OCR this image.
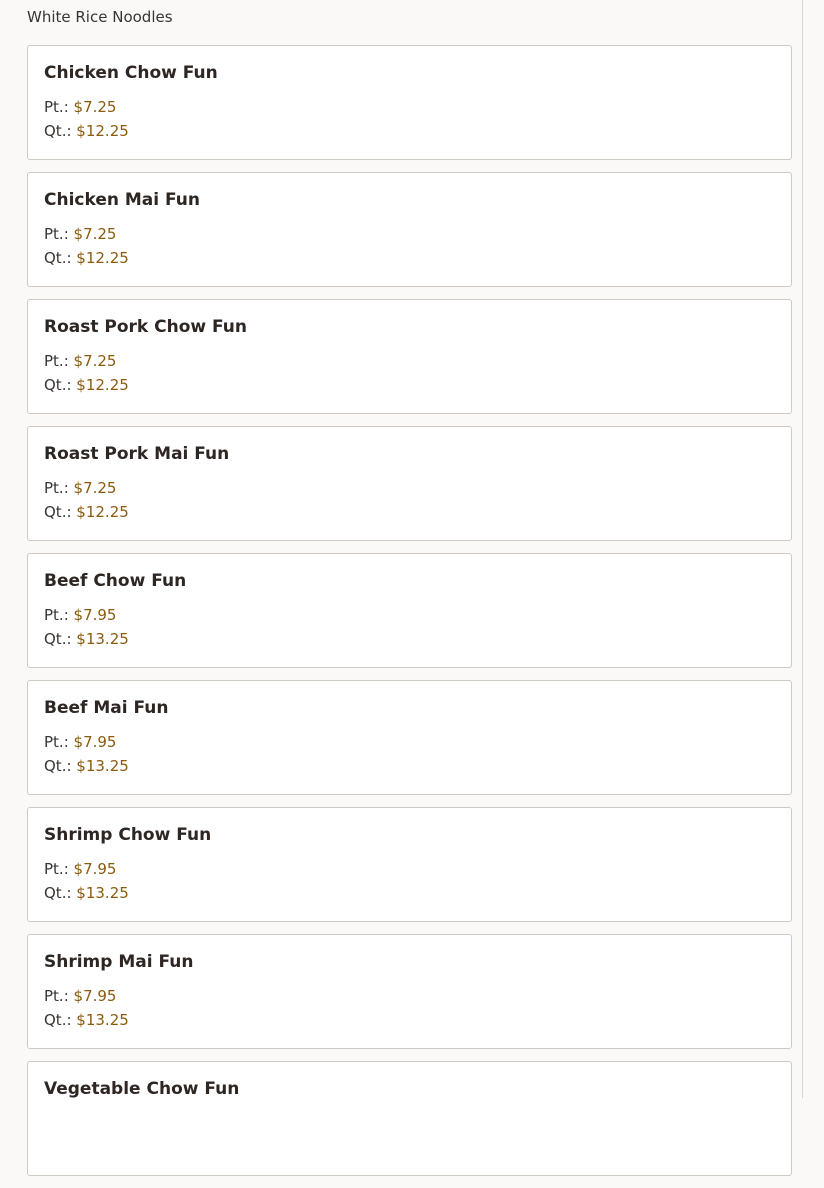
White Rice Noodles
Chicken Chow Fun
Pt.: $7.25
Qt.: $12.25
Chicken Mai Fun
Pt.: $7.25
Qt.: $12.25
Roast Pork Chow Fun
Pt.: $7.25
Qt.: $12.25
Roast Pork Mai Fun
Pt.: $7.25
Qt.: $12.25
Beef Chow Fun
Pt.: $7.95
Qt.: $13.25
Beef Mai Fun
Pt.: $7.95
Qt.: $13.25
Shrimp Chow Fun
Pt.: $7.95
Qt.: $13.25
Shrimp Mai Fun
Pt.: $7.95
Qt.: $13.25
Vegetable Chow Fun
